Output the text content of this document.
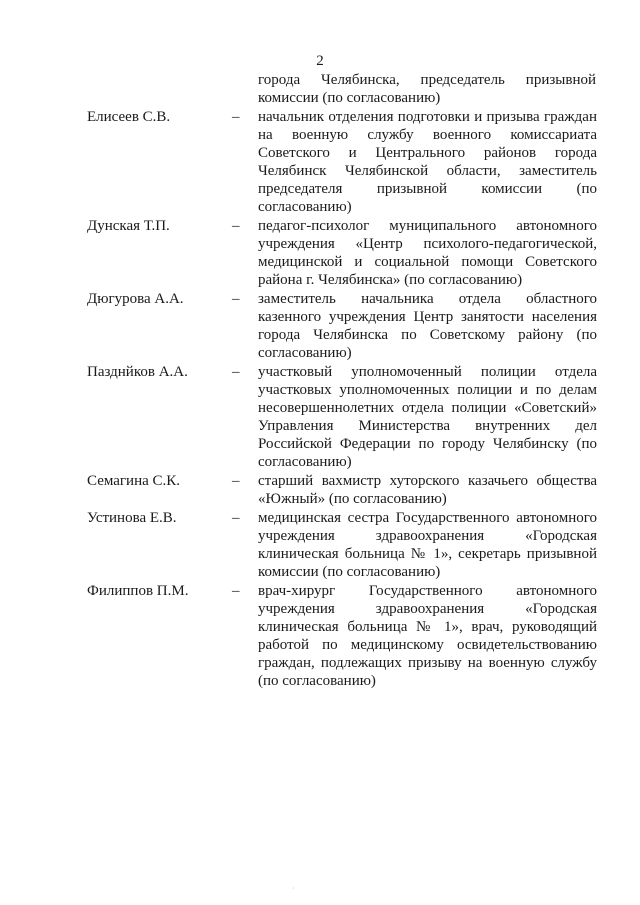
2
города Челябинска, председатель призывной комиссии (по согласованию)
Елисеев С.В.	–	начальник отделения подготовки и призыва граждан на военную службу военного комиссариата Советского и Центрального районов города Челябинск Челябинской области, заместитель председателя призывной комиссии (по согласованию)
Дунская Т.П.	–	педагог-психолог муниципального автономного учреждения «Центр психолого-педагогической, медицинской и социальной помощи Советского района г. Челябинска» (по согласованию)
Дюгурова А.А.	–	заместитель начальника отдела областного казенного учреждения Центр занятости населения города Челябинска по Советскому району (по согласованию)
Пазднйков А.А.	–	участковый уполномоченный полиции отдела участковых уполномоченных полиции и по делам несовершеннолетних отдела полиции «Советский» Управления Министерства внутренних дел Российской Федерации по городу Челябинску (по согласованию)
Семагина С.К.	–	старший вахмистр хуторского казачьего общества «Южный» (по согласованию)
Устинова Е.В.	–	медицинская сестра Государственного автономного учреждения здравоохранения «Городская клиническая больница № 1», секретарь призывной комиссии (по согласованию)
Филиппов П.М.	–	врач-хирург Государственного автономного учреждения здравоохранения «Городская клиническая больница № 1», врач, руководящий работой по медицинскому освидетельствованию граждан, подлежащих призыву на военную службу (по согласованию)
·
